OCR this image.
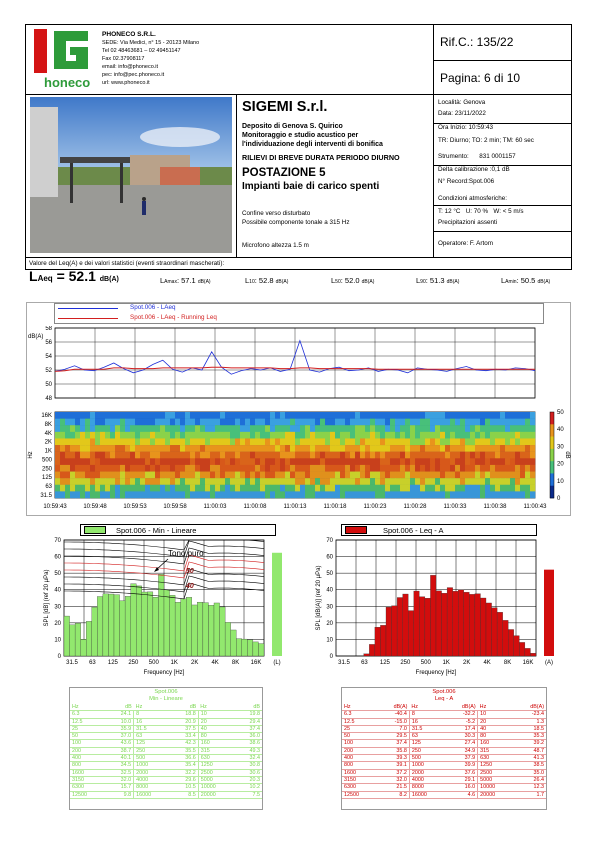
honeco
PHONECO S.R.L.
SEDE: Via Medici, n° 15 - 20123 Milano
Tel 02 48463681 – 02 49451147
Fax 02.37908117
email: info@phoneco.it
pec: info@pec.phoneco.it
url: www.phoneco.it
Rif.C.: 135/22
Pagina: 6 di 10
SIGEMI S.r.l.
Deposito di Genova S. Quirico
Monitoraggio e studio acustico per
l'individuazione degli interventi di bonifica
RILIEVI DI BREVE DURATA PERIODO DIURNO
POSTAZIONE 5
Impianti baie di carico spenti
Confine verso disturbato
Possibile componente tonale a 315 Hz
Microfono altezza 1.5 m
Località: Genova
Data: 23/11/2022
Ora Inizio: 10:59:43
TR: Diurno; TO: 2 min; TM: 60 sec
Strumento:      831 0001157
Delta calibrazione :0,1 dB
N° Record:Spot.006
Condizioni atmosferiche:
T: 12 °C   U: 70 %   W: < 5 m/s
Precipitazioni assenti
Operatore: F. Artom
Valore del Leq(A) e dei valori statistici (eventi straordinari mascherati):
LAeq = 52.1 dB(A)	LAmax: 57.1 dB(A)	L10: 52.8 dB(A)	L50: 52.0 dB(A)	L90: 51.3 dB(A)	LAmin: 50.5 dB(A)
Spot.006 - LAeq
Spot.006 - LAeq - Running Leq
58
56
54
52
50
48
dB(A)
16K
8K
4K
2K
1K
500
250
125
63
31.5
Hz
50
40
30
20
10
0
dB
10:59:43	10:59:48	10:59:53	10:59:58	11:00:03	11:00:08	11:00:13	11:00:18	11:00:23	11:00:28	11:00:33	11:00:38	11:00:43
Spot.006 - Min - Lineare	Spot.006 - Leq - A
70
60
50
40
30
20
10
0
31.5 63 125 250 500 1K 2K 4K 8K 16K (L)
Frequency [Hz]
SPL [dB] (ref 20 µPa)	50
40
Tono puro
70
60
50
40
30
20
10
0
31.5 63 125 250 500 1K 2K 4K 8K 16K (A)
Frequency [Hz]
SPL [dB(A)] (ref 20 µPa)
Spot.006
Min - Lineare
Hz	dB	Hz	dB	Hz	dB
6.3	24.1	8	18.8	10	19.8
12.5	10.0	16	20.9	20	29.4
25	35.9	31.5	37.5	40	37.4
50	37.0	63	33.4	80	36.0
100	43.6	125	42.3	160	38.6
200	38.7	250	35.5	315	49.3
400	40.1	500	36.6	630	32.4
800	34.5	1000	35.4	1250	30.8
1600	32.5	2000	32.2	2500	30.6
3150	32.0	4000	29.6	5000	20.3
6300	15.7	8000	10.5	10000	10.2
12500	9.8	16000	8.5	20000	7.5
Spot.006
Leq - A
Hz	dB(A)	Hz	dB(A)	Hz	dB(A)
6.3	-40.4	8	-32.2	10	-23.4
12.5	-15.0	16	-5.2	20	1.3
25	7.0	31.5	17.4	40	18.5
50	29.5	63	30.3	80	35.3
100	37.4	125	27.4	160	39.2
200	35.8	250	34.9	315	48.7
400	39.3	500	37.9	630	41.3
800	39.1	1000	39.9	1250	38.5
1600	37.2	2000	37.6	2500	35.0
3150	32.0	4000	29.1	5000	26.4
6300	21.5	8000	16.0	10000	12.3
12500	8.2	16000	4.6	20000	1.7
